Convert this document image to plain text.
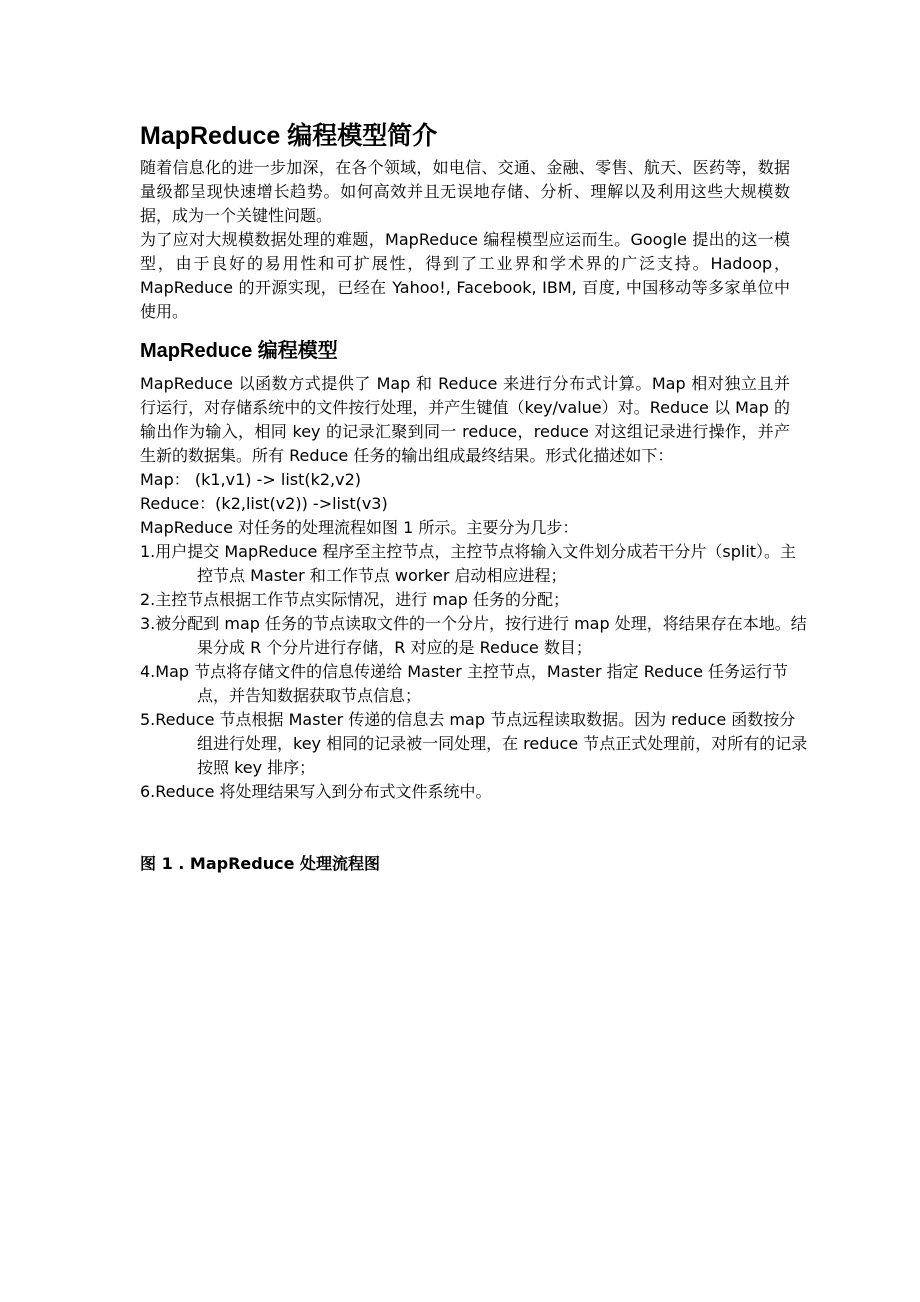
MapReduce 编程模型简介

随着信息化的进一步加深，在各个领域，如电信、交通、金融、零售、航天、医药等，数据量级都呈现快速增长趋势。如何高效并且无误地存储、分析、理解以及利用这些大规模数据，成为一个关键性问题。

为了应对大规模数据处理的难题，MapReduce 编程模型应运而生。Google 提出的这一模型，由于良好的易用性和可扩展性，得到了工业界和学术界的广泛支持。Hadoop，MapReduce 的开源实现，已经在 Yahoo!, Facebook, IBM, 百度, 中国移动等多家单位中使用。

MapReduce 编程模型

MapReduce 以函数方式提供了 Map 和 Reduce 来进行分布式计算。Map 相对独立且并行运行，对存储系统中的文件按行处理，并产生键值（key/value）对。Reduce 以 Map 的输出作为输入，相同 key 的记录汇聚到同一 reduce，reduce 对这组记录进行操作，并产生新的数据集。所有 Reduce 任务的输出组成最终结果。形式化描述如下：

Map： (k1,v1) -> list(k2,v2)

Reduce：(k2,list(v2)) ->list(v3)

MapReduce 对任务的处理流程如图 1 所示。主要分为几步：

1.用户提交 MapReduce 程序至主控节点，主控节点将输入文件划分成若干分片（split）。主控节点 Master 和工作节点 worker 启动相应进程；
2.主控节点根据工作节点实际情况，进行 map 任务的分配；
3.被分配到 map 任务的节点读取文件的一个分片，按行进行 map 处理，将结果存在本地。结果分成 R 个分片进行存储，R 对应的是 Reduce 数目；
4.Map 节点将存储文件的信息传递给 Master 主控节点，Master 指定 Reduce 任务运行节点，并告知数据获取节点信息；
5.Reduce 节点根据 Master 传递的信息去 map 节点远程读取数据。因为 reduce 函数按分组进行处理，key 相同的记录被一同处理，在 reduce 节点正式处理前，对所有的记录按照 key 排序；
6.Reduce 将处理结果写入到分布式文件系统中。
图 1 . MapReduce 处理流程图
